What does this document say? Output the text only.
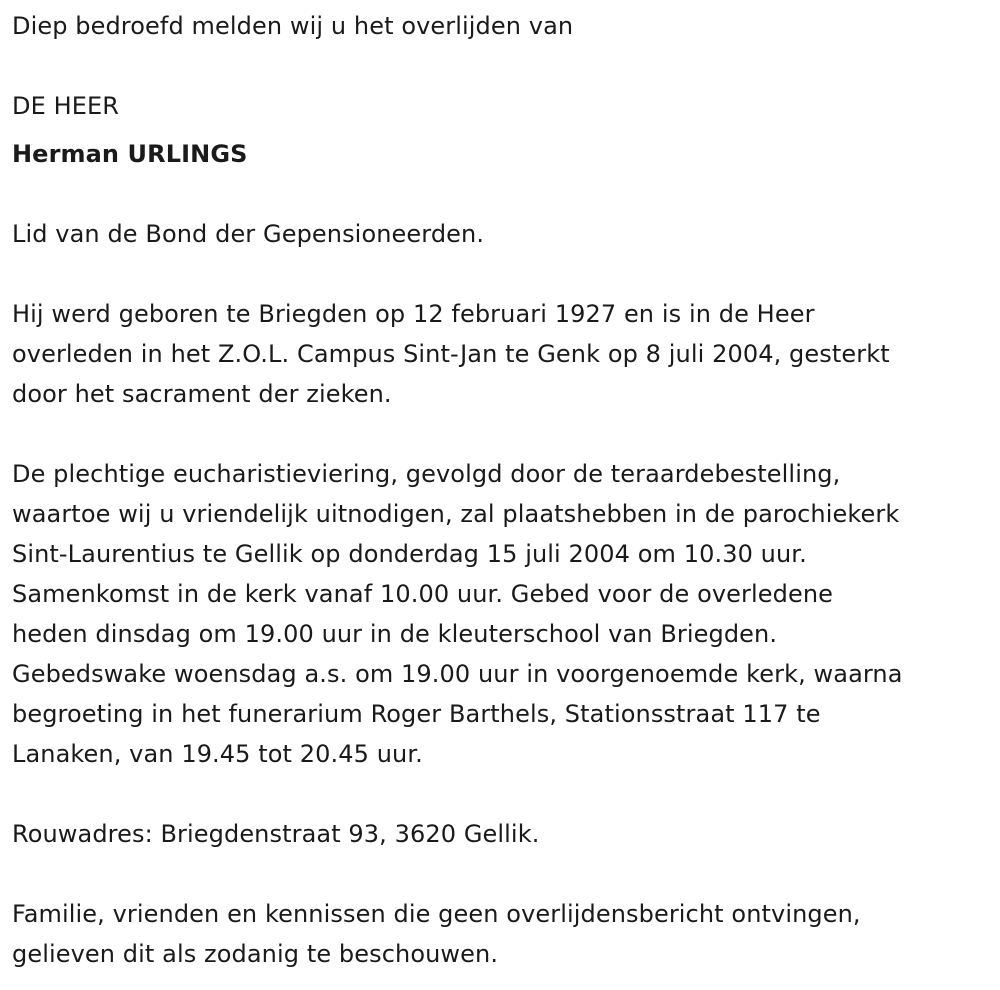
Diep bedroefd melden wij u het overlijden van

DE HEER

Herman URLINGS

Lid van de Bond der Gepensioneerden.

Hij werd geboren te Briegden op 12 februari 1927 en is in de Heer
overleden in het Z.O.L. Campus Sint-Jan te Genk op 8 juli 2004, gesterkt
door het sacrament der zieken.

De plechtige eucharistieviering, gevolgd door de teraardebestelling,
waartoe wij u vriendelijk uitnodigen, zal plaatshebben in de parochiekerk
Sint-Laurentius te Gellik op donderdag 15 juli 2004 om 10.30 uur.
Samenkomst in de kerk vanaf 10.00 uur. Gebed voor de overledene
heden dinsdag om 19.00 uur in de kleuterschool van Briegden.
Gebedswake woensdag a.s. om 19.00 uur in voorgenoemde kerk, waarna
begroeting in het funerarium Roger Barthels, Stationsstraat 117 te
Lanaken, van 19.45 tot 20.45 uur.

Rouwadres: Briegdenstraat 93, 3620 Gellik.

Familie, vrienden en kennissen die geen overlijdensbericht ontvingen,
gelieven dit als zodanig te beschouwen.
